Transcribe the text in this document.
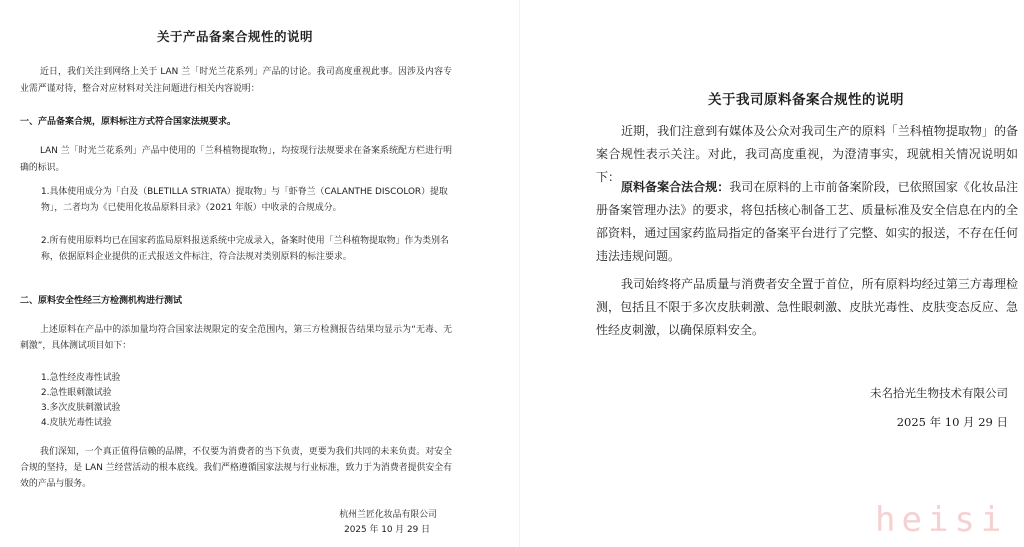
关于产品备案合规性的说明
近日，我们关注到网络上关于 LAN 兰「时光兰花系列」产品的讨论。我司高度重视此事。因涉及内容专业需严谨对待，整合对应材料对关注问题进行相关内容说明：
一、产品备案合规，原料标注方式符合国家法规要求。
LAN 兰「时光兰花系列」产品中使用的「兰科植物提取物」，均按现行法规要求在备案系统配方栏进行明确的标识。
1.具体使用成分为「白及（BLETILLA STRIATA）提取物」与「虾脊兰（CALANTHE DISCOLOR）提取物」，二者均为《已使用化妆品原料目录》（2021 年版）中收录的合规成分。
2.所有使用原料均已在国家药监局原料报送系统中完成录入，备案时使用「兰科植物提取物」作为类别名称，依据原料企业提供的正式报送文件标注，符合法规对类别原料的标注要求。
二、原料安全性经三方检测机构进行测试
上述原料在产品中的添加量均符合国家法规限定的安全范围内，第三方检测报告结果均显示为“无毒、无刺激”，具体测试项目如下：
1.急性经皮毒性试验
2.急性眼刺激试验
3.多次皮肤刺激试验
4.皮肤光毒性试验
我们深知，一个真正值得信赖的品牌，不仅要为消费者的当下负责，更要为我们共同的未来负责。对安全合规的坚持，是 LAN 兰经营活动的根本底线。我们严格遵循国家法规与行业标准，致力于为消费者提供安全有效的产品与服务。
杭州兰匠化妆品有限公司
2025 年 10 月 29 日
关于我司原料备案合规性的说明
近期，我们注意到有媒体及公众对我司生产的原料「兰科植物提取物」的备案合规性表示关注。对此，我司高度重视，为澄清事实，现就相关情况说明如下：
原料备案合法合规：我司在原料的上市前备案阶段，已依照国家《化妆品注册备案管理办法》的要求，将包括核心制备工艺、质量标准及安全信息在内的全部资料，通过国家药监局指定的备案平台进行了完整、如实的报送，不存在任何违法违规问题。
我司始终将产品质量与消费者安全置于首位，所有原料均经过第三方毒理检测，包括且不限于多次皮肤刺激、急性眼刺激、皮肤光毒性、皮肤变态反应、急性经皮刺激，以确保原料安全。
未名拾光生物技术有限公司
2025 年 10 月 29 日
heisi
